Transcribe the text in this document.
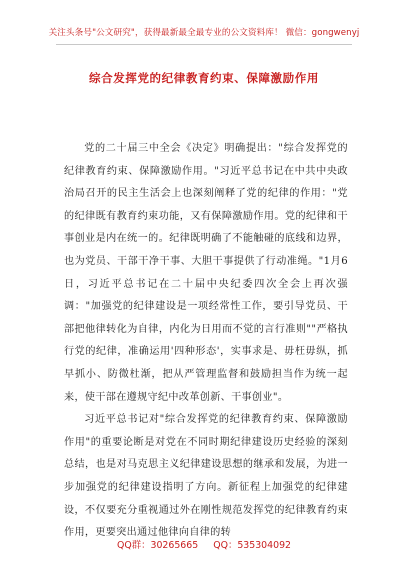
关注头条号"公文研究"，获得最新最全最专业的公文资料库！ 微信：gongwenyj
综合发挥党的纪律教育约束、保障激励作用

党的二十届三中全会《决定》明确提出："综合发挥党的纪律教育约束、保障激励作用。"习近平总书记在中共中央政治局召开的民主生活会上也深刻阐释了党的纪律的作用："党的纪律既有教育约束功能，又有保障激励作用。党的纪律和干事创业是内在统一的。纪律既明确了不能触碰的底线和边界，也为党员、干部干净干事、大胆干事提供了行动准绳。"1月6日，习近平总书记在二十届中央纪委四次全会上再次强调："加强党的纪律建设是一项经常性工作，要引导党员、干部把他律转化为自律，内化为日用而不觉的言行准则""严格执行党的纪律，准确运用'四种形态'，实事求是、毋枉毋纵，抓早抓小、防微杜渐，把从严管理监督和鼓励担当作为统一起来，使干部在遵规守纪中改革创新、干事创业"。

习近平总书记对"综合发挥党的纪律教育约束、保障激励作用"的重要论断是对党在不同时期纪律建设历史经验的深刻总结，也是对马克思主义纪律建设思想的继承和发展，为进一步加强党的纪律建设指明了方向。新征程上加强党的纪律建设，不仅要充分重视通过外在刚性规范发挥党的纪律教育约束作用，更要突出通过他律向自律的转

QQ群：30265665 QQ：535304092
